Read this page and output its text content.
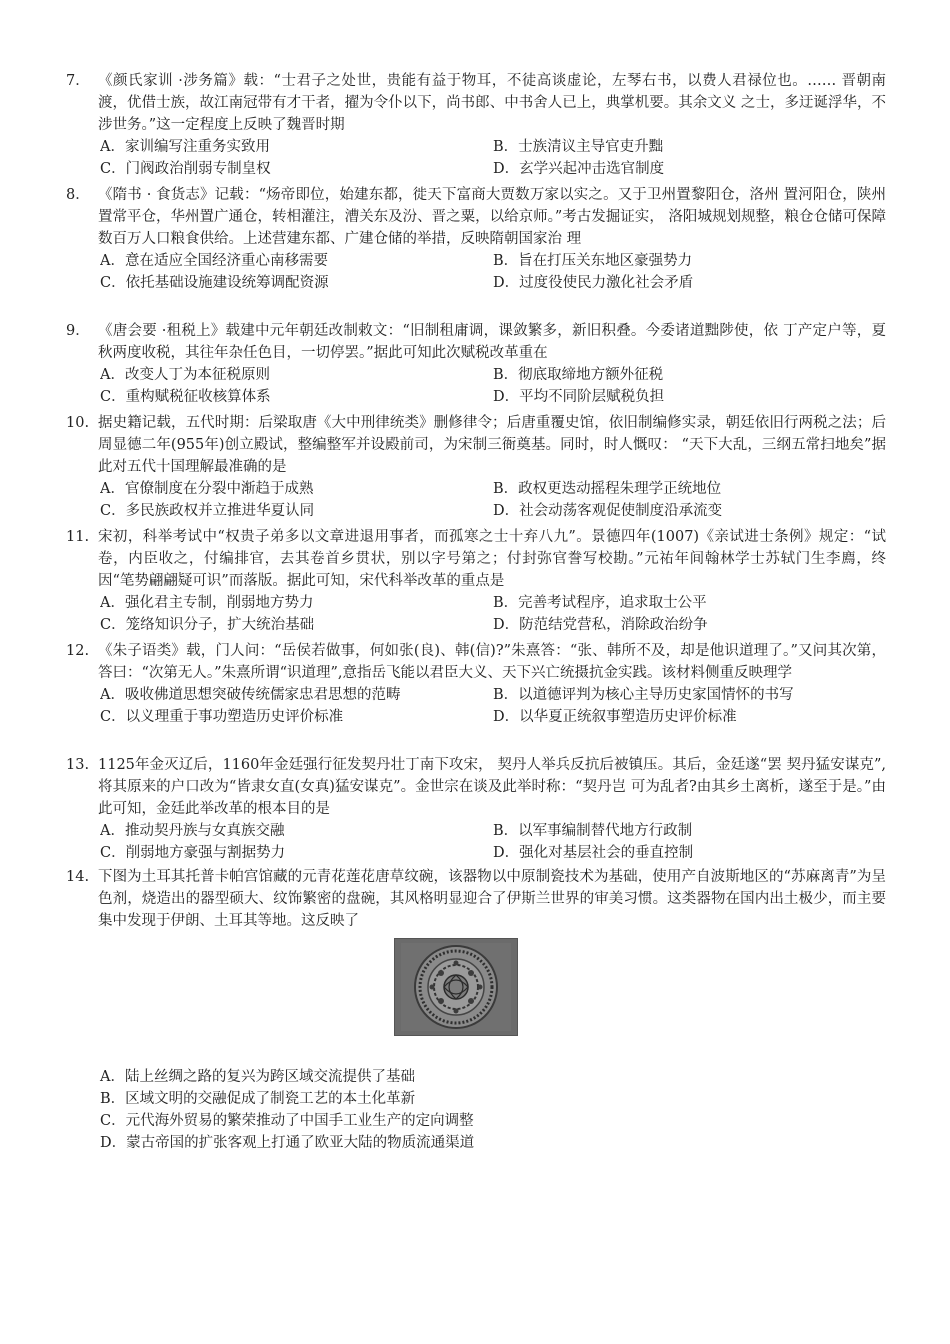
7． 《颜氏家训 ·涉务篇》载：“士君子之处世，贵能有益于物耳，不徒高谈虚论，左琴右书，以费人君禄位也。…… 晋朝南渡，优借士族，故江南冠带有才干者，擢为令仆以下，尚书郎、中书舍人已上，典掌机要。其余文义 之士，多迂诞浮华，不涉世务。”这一定程度上反映了魏晋时期
A．家训编写注重务实致用	B．士族清议主导官吏升黜
C．门阀政治削弱专制皇权	D．玄学兴起冲击选官制度
8． 《隋书 · 食货志》记载：“炀帝即位，始建东都，徙天下富商大贾数万家以实之。又于卫州置黎阳仓，洛州 置河阳仓，陕州置常平仓，华州置广通仓，转相灌注，漕关东及汾、晋之粟，以给京师。”考古发掘证实， 洛阳城规划规整，粮仓仓储可保障数百万人口粮食供给。上述营建东都、广建仓储的举措，反映隋朝国家治 理
A．意在适应全国经济重心南移需要	B．旨在打压关东地区豪强势力
C．依托基础设施建设统筹调配资源	D．过度役使民力激化社会矛盾
9． 《唐会要 ·租税上》载建中元年朝廷改制敕文：“旧制租庸调，课敛繁多，新旧积叠。今委诸道黜陟使，依 丁产定户等，夏秋两度收税，其往年杂任色目，一切停罢。”据此可知此次赋税改革重在
A．改变人丁为本征税原则	B．彻底取缔地方额外征税
C．重构赋税征收核算体系	D．平均不同阶层赋税负担
10. 据史籍记载，五代时期：后梁取唐《大中刑律统类》删修律令；后唐重覆史馆，依旧制编修实录，朝廷依旧行两税之法；后周显德二年(955年)创立殿试，整编整军并设殿前司，为宋制三衙奠基。同时，时人慨叹： “天下大乱，三纲五常扫地矣”据此对五代十国理解最准确的是
A．官僚制度在分裂中渐趋于成熟	B．政权更迭动摇程朱理学正统地位
C．多民族政权并立推进华夏认同	D．社会动荡客观促使制度沿承流变
11. 宋初，科举考试中“权贵子弟多以文章进退用事者，而孤寒之士十弃八九”。景德四年(1007)《亲试进士条例》规定：“试卷，内臣收之，付编排官，去其卷首乡贯状，别以字号第之；付封弥官誊写校勘。”元祐年间翰林学士苏轼门生李廌，终因“笔势翩翩疑可识”而落版。据此可知，宋代科举改革的重点是
A．强化君主专制，削弱地方势力	B．完善考试程序，追求取士公平
C．笼络知识分子，扩大统治基础	D．防范结党营私，消除政治纷争
12. 《朱子语类》载，门人问：“岳侯若做事，何如张(良)、韩(信)?”朱熹答：“张、韩所不及，却是他识道理了。”又问其次第，答曰：“次第无人。”朱熹所谓“识道理”,意指岳飞能以君臣大义、天下兴亡统摄抗金实践。该材料侧重反映理学
A．吸收佛道思想突破传统儒家忠君思想的范畴	B．以道德评判为核心主导历史家国情怀的书写
C．以义理重于事功塑造历史评价标准	D．以华夏正统叙事塑造历史评价标准
13. 1125年金灭辽后，1160年金廷强行征发契丹壮丁南下攻宋， 契丹人举兵反抗后被镇压。其后，金廷遂“罢 契丹猛安谋克”,将其原来的户口改为“皆隶女直(女真)猛安谋克”。金世宗在谈及此举时称：“契丹岂 可为乱者?由其乡土离析，遂至于是。”由此可知，金廷此举改革的根本目的是
A．推动契丹族与女真族交融	B．以军事编制替代地方行政制
C．削弱地方豪强与割据势力	D．强化对基层社会的垂直控制
14. 下图为土耳其托普卡帕宫馆藏的元青花莲花唐草纹碗，该器物以中原制瓷技术为基础，使用产自波斯地区的“苏麻离青”为呈色剂，烧造出的器型硕大、纹饰繁密的盘碗，其风格明显迎合了伊斯兰世界的审美习惯。这类器物在国内出土极少，而主要集中发现于伊朗、土耳其等地。这反映了
A．陆上丝绸之路的复兴为跨区域交流提供了基础
B．区域文明的交融促成了制瓷工艺的本土化革新
C．元代海外贸易的繁荣推动了中国手工业生产的定向调整
D．蒙古帝国的扩张客观上打通了欧亚大陆的物质流通渠道
